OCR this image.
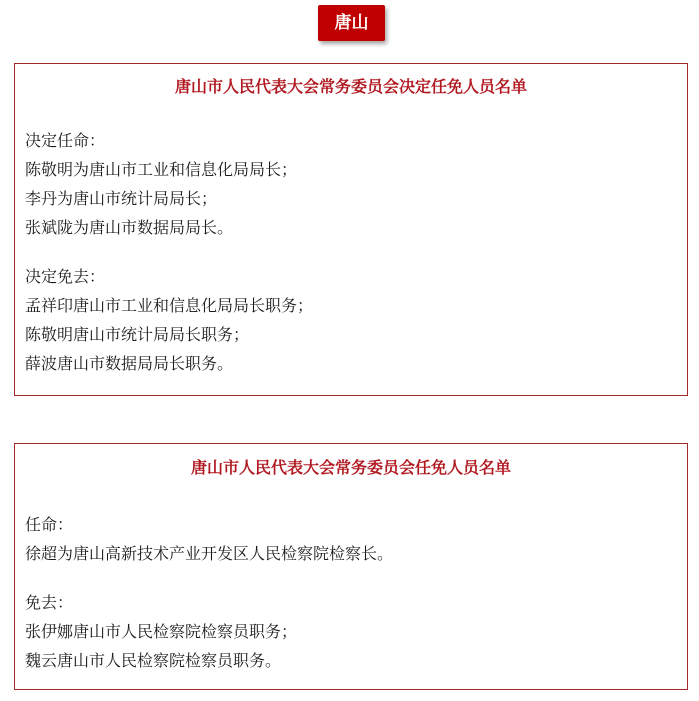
唐山
唐山市人民代表大会常务委员会决定任免人员名单
决定任命：
陈敬明为唐山市工业和信息化局局长；
李丹为唐山市统计局局长；
张斌陇为唐山市数据局局长。
决定免去：
孟祥印唐山市工业和信息化局局长职务；
陈敬明唐山市统计局局长职务；
薛波唐山市数据局局长职务。
唐山市人民代表大会常务委员会任免人员名单
任命：
徐超为唐山高新技术产业开发区人民检察院检察长。
免去：
张伊娜唐山市人民检察院检察员职务；
魏云唐山市人民检察院检察员职务。
